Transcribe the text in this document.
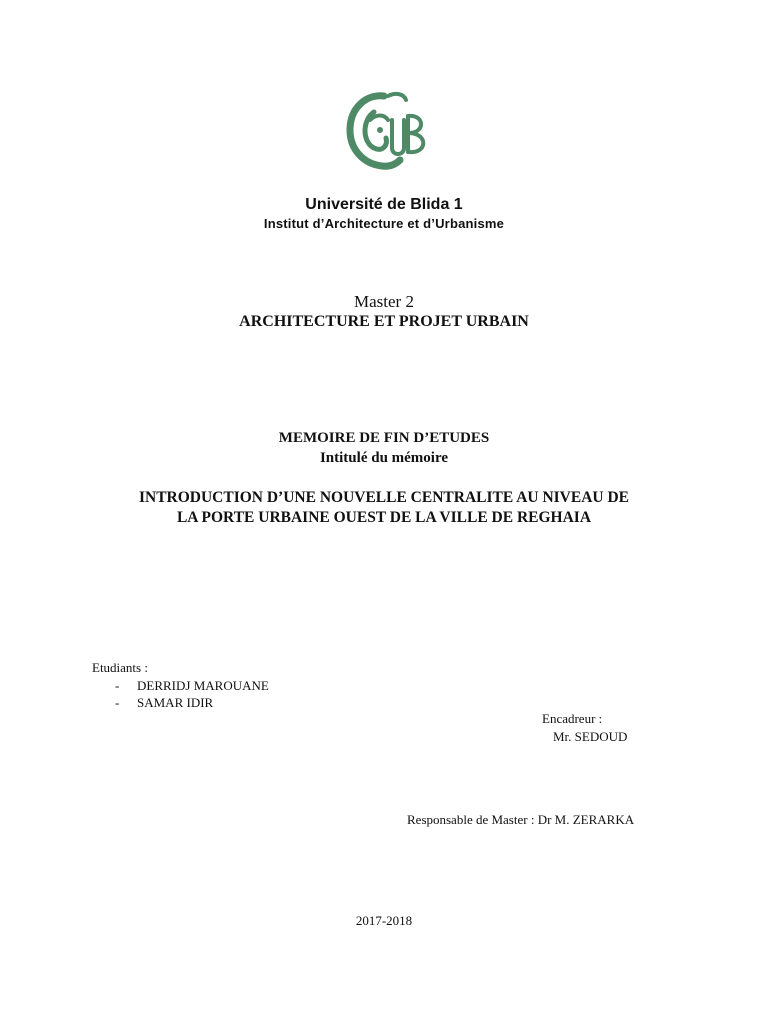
Université de Blida 1
Institut d’Architecture et d’Urbanisme
Master 2
ARCHITECTURE ET PROJET URBAIN
MEMOIRE DE FIN D’ETUDES
Intitulé du mémoire
INTRODUCTION D’UNE NOUVELLE CENTRALITE AU NIVEAU DE
LA PORTE URBAINE OUEST DE LA VILLE DE REGHAIA
Etudiants :
- DERRIDJ MAROUANE
- SAMAR IDIR
Encadreur :
Mr. SEDOUD
Responsable de Master : Dr M. ZERARKA
2017-2018
